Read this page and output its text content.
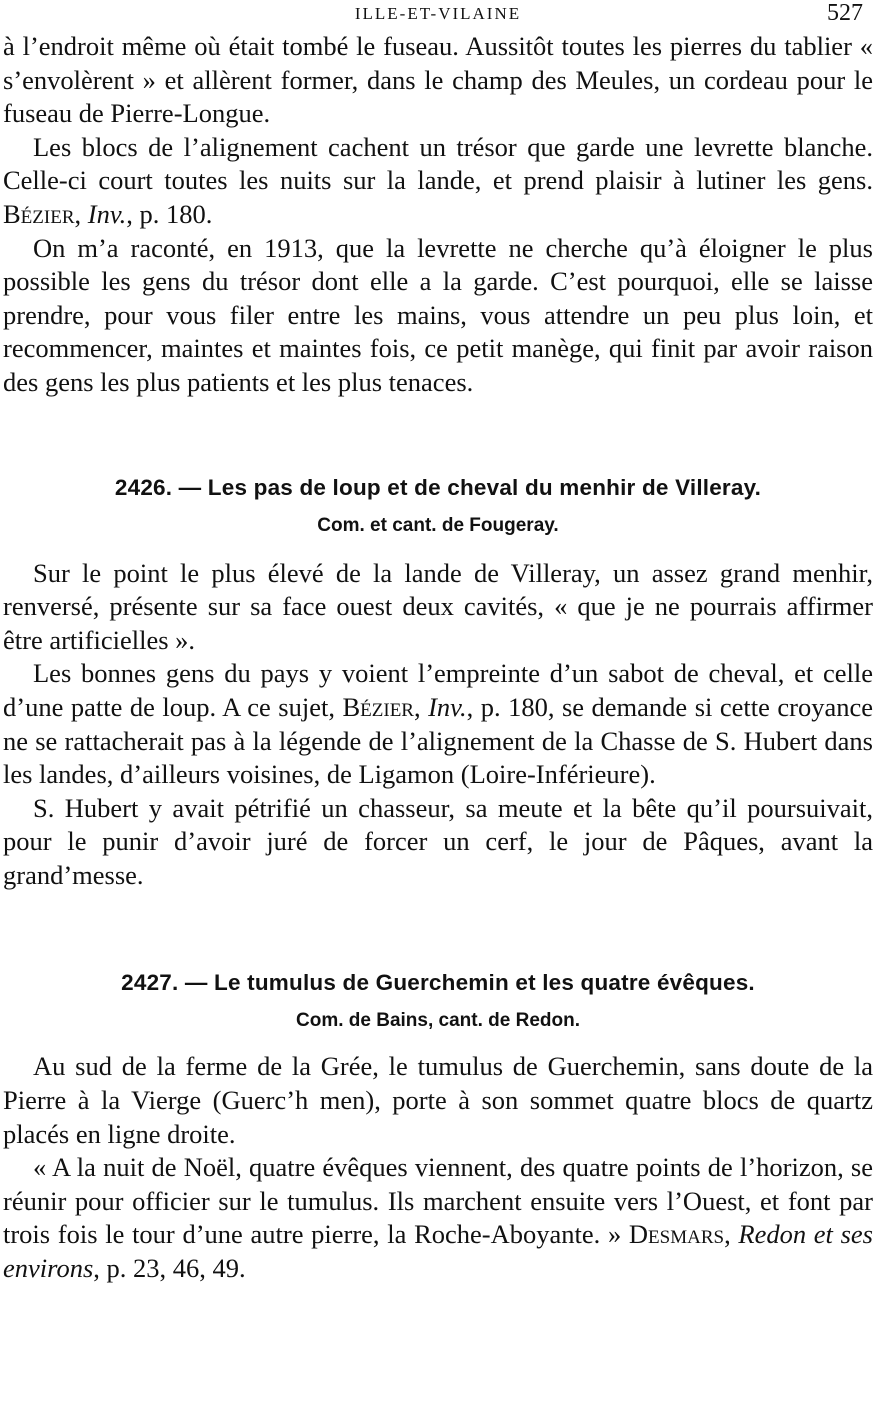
ILLE-ET-VILAINE	527

à l’endroit même où était tombé le fuseau. Aussitôt toutes les pierres du tablier « s’envolèrent » et allèrent former, dans le champ des Meules, un cordeau pour le fuseau de Pierre-Longue.

Les blocs de l’alignement cachent un trésor que garde une levrette blanche. Celle-ci court toutes les nuits sur la lande, et prend plaisir à lutiner les gens. Bézier, Inv., p. 180.

On m’a raconté, en 1913, que la levrette ne cherche qu’à éloigner le plus possible les gens du trésor dont elle a la garde. C’est pourquoi, elle se laisse prendre, pour vous filer entre les mains, vous attendre un peu plus loin, et recommencer, maintes et maintes fois, ce petit manège, qui finit par avoir raison des gens les plus patients et les plus tenaces.

2426. — Les pas de loup et de cheval du menhir de Villeray.

Com. et cant. de Fougeray.

Sur le point le plus élevé de la lande de Villeray, un assez grand menhir, renversé, présente sur sa face ouest deux cavités, « que je ne pourrais affirmer être artificielles ».

Les bonnes gens du pays y voient l’empreinte d’un sabot de cheval, et celle d’une patte de loup. A ce sujet, Bézier, Inv., p. 180, se demande si cette croyance ne se rattacherait pas à la légende de l’alignement de la Chasse de S. Hubert dans les landes, d’ailleurs voisines, de Ligamon (Loire-Inférieure).

S. Hubert y avait pétrifié un chasseur, sa meute et la bête qu’il poursuivait, pour le punir d’avoir juré de forcer un cerf, le jour de Pâques, avant la grand’messe.

2427. — Le tumulus de Guerchemin et les quatre évêques.

Com. de Bains, cant. de Redon.

Au sud de la ferme de la Grée, le tumulus de Guerchemin, sans doute de la Pierre à la Vierge (Guerc’h men), porte à son sommet quatre blocs de quartz placés en ligne droite.

« A la nuit de Noël, quatre évêques viennent, des quatre points de l’horizon, se réunir pour officier sur le tumulus. Ils marchent ensuite vers l’Ouest, et font par trois fois le tour d’une autre pierre, la Roche-Aboyante. » Desmars, Redon et ses environs, p. 23, 46, 49.
